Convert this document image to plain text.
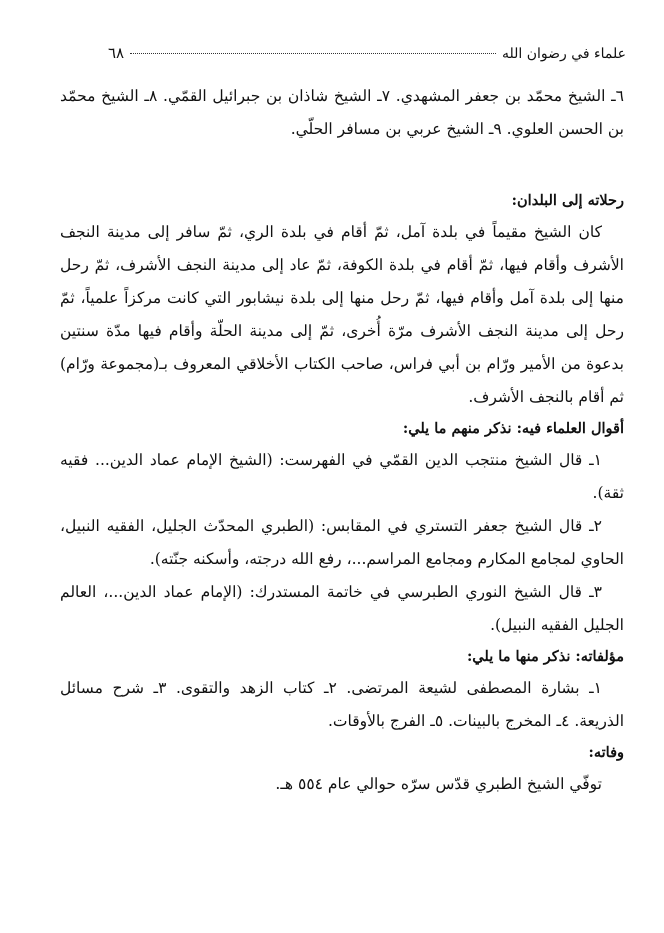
علماء في رضوان الله
٦٨

٦ـ الشيخ محمّد بن جعفر المشهدي. ٧ـ الشيخ شاذان بن جبرائيل القمّي. ٨ـ الشيخ محمّد بن الحسن العلوي. ٩ـ الشيخ عربي بن مسافر الحلّي.

رحلاته إلى البلدان:

كان الشيخ مقيماً في بلدة آمل، ثمّ أقام في بلدة الري، ثمّ سافر إلى مدينة النجف الأشرف وأقام فيها، ثمّ أقام في بلدة الكوفة، ثمّ عاد إلى مدينة النجف الأشرف، ثمّ رحل منها إلى بلدة آمل وأقام فيها، ثمّ رحل منها إلى بلدة نيشابور التي كانت مركزاً علمياً، ثمّ رحل إلى مدينة النجف الأشرف مرّة أُخرى، ثمّ إلى مدينة الحلّة وأقام فيها مدّة سنتين بدعوة من الأمير ورّام بن أبي فراس، صاحب الكتاب الأخلاقي المعروف بـ(مجموعة ورّام) ثم أقام بالنجف الأشرف.

أقوال العلماء فيه: نذكر منهم ما يلي:

١ـ قال الشيخ منتجب الدين القمّي في الفهرست: (الشيخ الإمام عماد الدين... فقيه ثقة).

٢ـ قال الشيخ جعفر التستري في المقابس: (الطبري المحدّث الجليل، الفقيه النبيل، الحاوي لمجامع المكارم ومجامع المراسم...، رفع الله درجته، وأسكنه جنّته).

٣ـ قال الشيخ النوري الطبرسي في خاتمة المستدرك: (الإمام عماد الدين...، العالم الجليل الفقيه النبيل).

مؤلفاته: نذكر منها ما يلي:

١ـ بشارة المصطفى لشيعة المرتضى. ٢ـ كتاب الزهد والتقوى. ٣ـ شرح مسائل الذريعة. ٤ـ المخرج بالبينات. ٥ـ الفرج بالأوقات.

وفاته:

توفّي الشيخ الطبري قدّس سرّه حوالي عام ٥٥٤ هـ.
